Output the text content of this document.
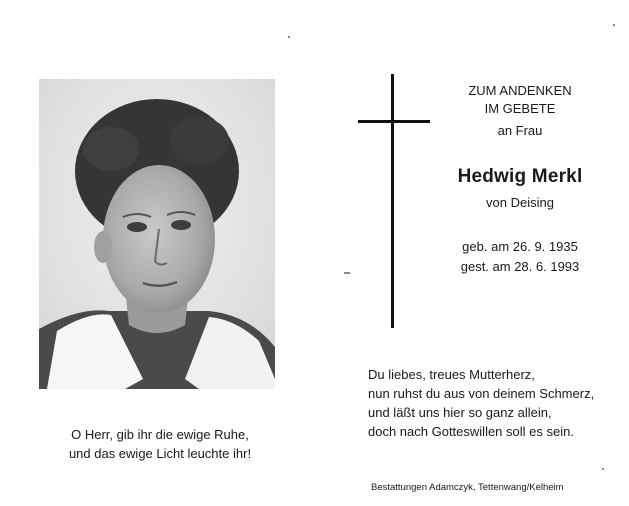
O Herr, gib ihr die ewige Ruhe,
und das ewige Licht leuchte ihr!
ZUM ANDENKEN
IM GEBETE
an Frau
Hedwig Merkl
von Deising
geb. am 26. 9. 1935
gest. am 28. 6. 1993
Du liebes, treues Mutterherz,
nun ruhst du aus von deinem Schmerz,
und läßt uns hier so ganz allein,
doch nach Gotteswillen soll es sein.
Bestattungen Adamczyk, Tettenwang/Kelheim
